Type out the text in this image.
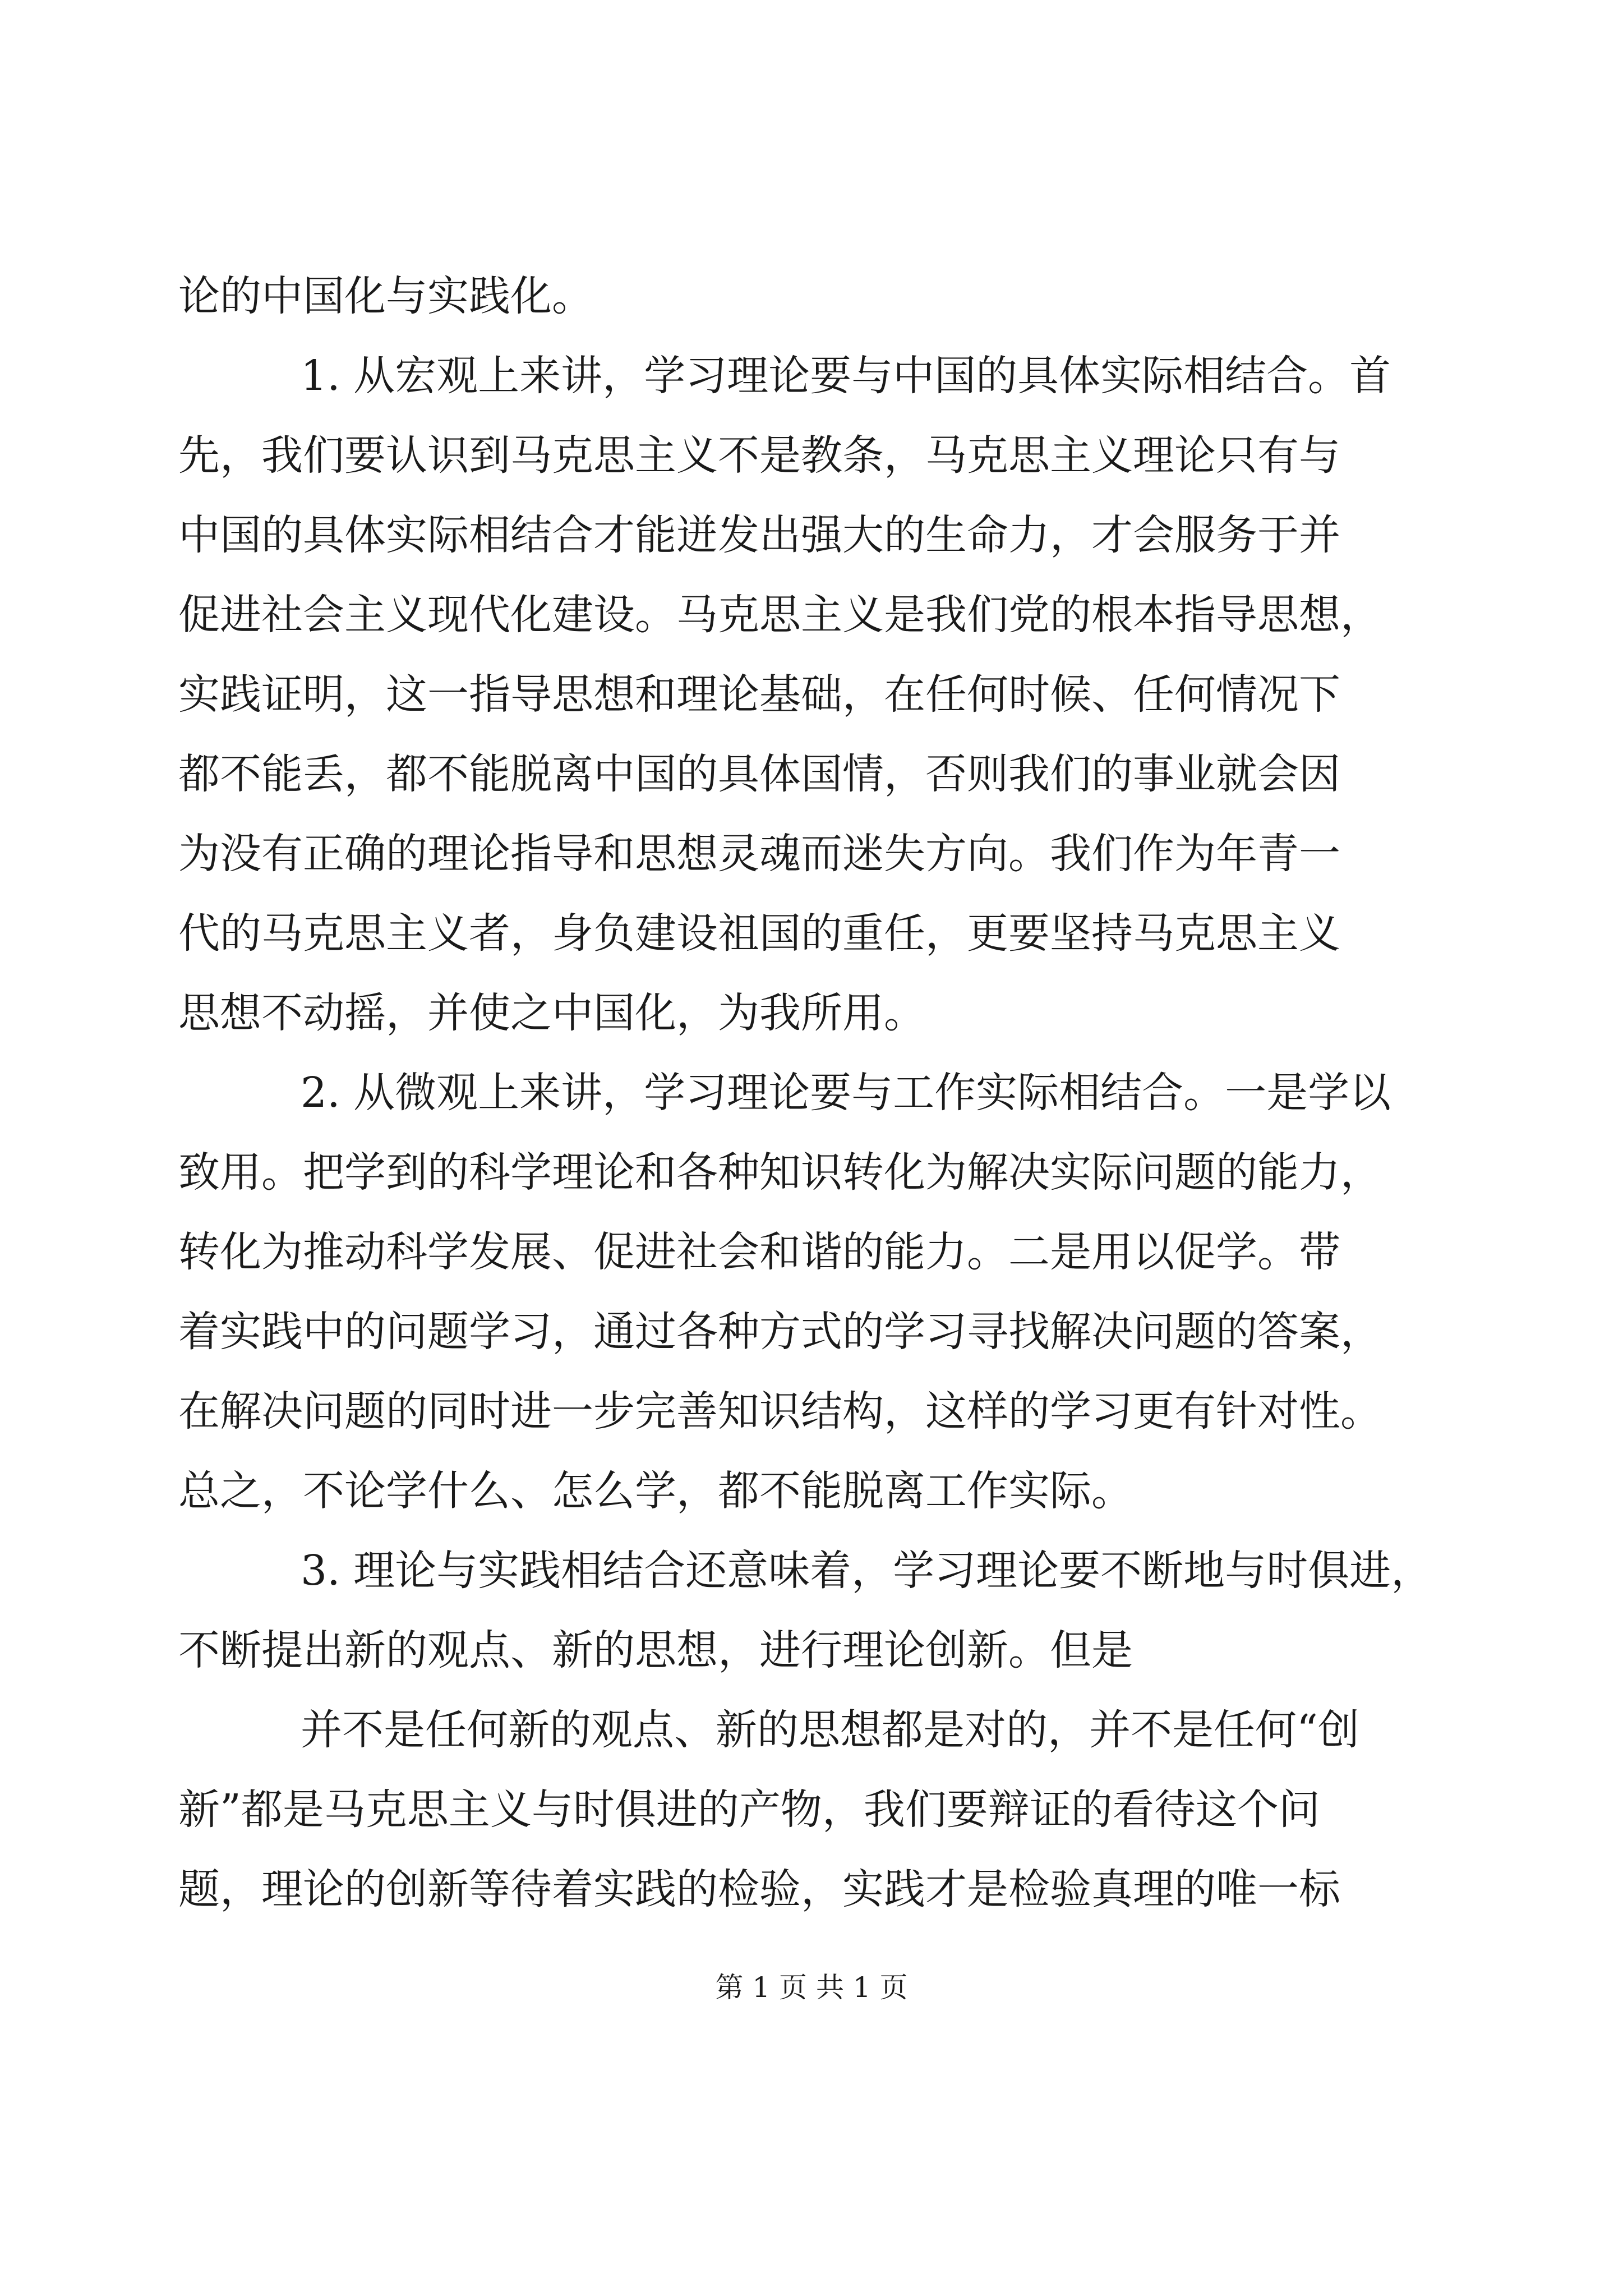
论的中国化与实践化。
1. 从宏观上来讲，学习理论要与中国的具体实际相结合。首
先，我们要认识到马克思主义不是教条，马克思主义理论只有与
中国的具体实际相结合才能迸发出强大的生命力，才会服务于并
促进社会主义现代化建设。马克思主义是我们党的根本指导思想，
实践证明，这一指导思想和理论基础，在任何时候、任何情况下
都不能丢，都不能脱离中国的具体国情，否则我们的事业就会因
为没有正确的理论指导和思想灵魂而迷失方向。我们作为年青一
代的马克思主义者，身负建设祖国的重任，更要坚持马克思主义
思想不动摇，并使之中国化，为我所用。
2. 从微观上来讲，学习理论要与工作实际相结合。一是学以
致用。把学到的科学理论和各种知识转化为解决实际问题的能力，
转化为推动科学发展、促进社会和谐的能力。二是用以促学。带
着实践中的问题学习，通过各种方式的学习寻找解决问题的答案，
在解决问题的同时进一步完善知识结构，这样的学习更有针对性。
总之，不论学什么、怎么学，都不能脱离工作实际。
3. 理论与实践相结合还意味着，学习理论要不断地与时俱进，
不断提出新的观点、新的思想，进行理论创新。但是
并不是任何新的观点、新的思想都是对的，并不是任何“创
新”都是马克思主义与时俱进的产物，我们要辩证的看待这个问
题，理论的创新等待着实践的检验，实践才是检验真理的唯一标
第 1 页 共 1 页
